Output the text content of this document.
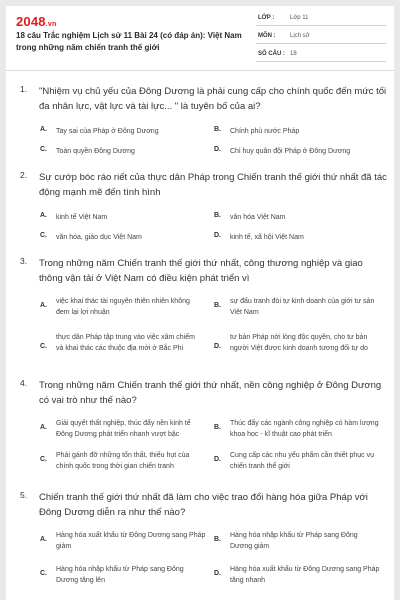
2048.vn
18 câu Trắc nghiệm Lịch sử 11 Bài 24 (có đáp án): Việt Nam trong những năm chiến tranh thế giới
LỚP :	Lớp 11
MÔN : Lịch sử
SỐ CÂU : 18
1. "Nhiệm vụ chủ yếu của Đông Dương là phải cung cấp cho chính quốc đến mức tối đa nhân lực, vật lực và tài lực... " là tuyên bố của ai?
A. Tay sai của Pháp ở Đông Dương	B. Chính phủ nước Pháp
C. Toàn quyền Đông Dương	D. Chỉ huy quân đội Pháp ở Đông Dương
2. Sự cướp bóc ráo riết của thực dân Pháp trong Chiến tranh thế giới thứ nhất đã tác động mạnh mẽ đến tình hình
A. kinh tế Việt Nam	B. văn hóa Việt Nam
C. văn hóa, giáo dục Việt Nam	D. kinh tế, xã hội Việt Nam
3. Trong những năm Chiến tranh thế giới thứ nhất, công thương nghiệp và giao thông vận tải ở Việt Nam có điều kiện phát triển vì
A.
việc khai thác tài nguyên thiên nhiên không đem lại lợi nhuận
B.
sự đấu tranh đòi tự kinh doanh của giới tư sản Việt Nam
C.
thực dân Pháp tập trung vào việc xâm chiếm và khai thác các thuộc địa mới ở Bắc Phi	D.
tư bản Pháp nới lỏng độc quyền, cho tư bản người Việt được kinh doanh tương đối tự do
4. Trong những năm Chiến tranh thế giới thứ nhất, nền công nghiệp ở Đông Dương có vai trò như thế nào?
A.
Giải quyết thất nghiệp, thúc đẩy nền kinh tế Đông Dương phát triển nhanh vượt bậc
B.
Thúc đẩy các ngành công nghiệp có hàm lượng khoa học - kĩ thuật cao phát triển
C.
Phải gánh đỡ những tổn thất, thiếu hụt của chính quốc trong thời gian chiến tranh
D.
Cung cấp các nhu yếu phẩm cần thiết phục vụ chiến tranh thế giới
5. Chiến tranh thế giới thứ nhất đã làm cho việc trao đổi hàng hóa giữa Pháp với Đông Dương diễn ra như thế nào?
A.
Hàng hóa xuất khẩu từ Đông Dương sang Pháp giảm
B.
Hàng hóa nhập khẩu từ Pháp sang Đông Dương giảm
C.
Hàng hóa nhập khẩu từ Pháp sang Đông Dương tăng lên
D.
Hàng hóa xuất khẩu từ Đông Dương sang Pháp tăng nhanh
